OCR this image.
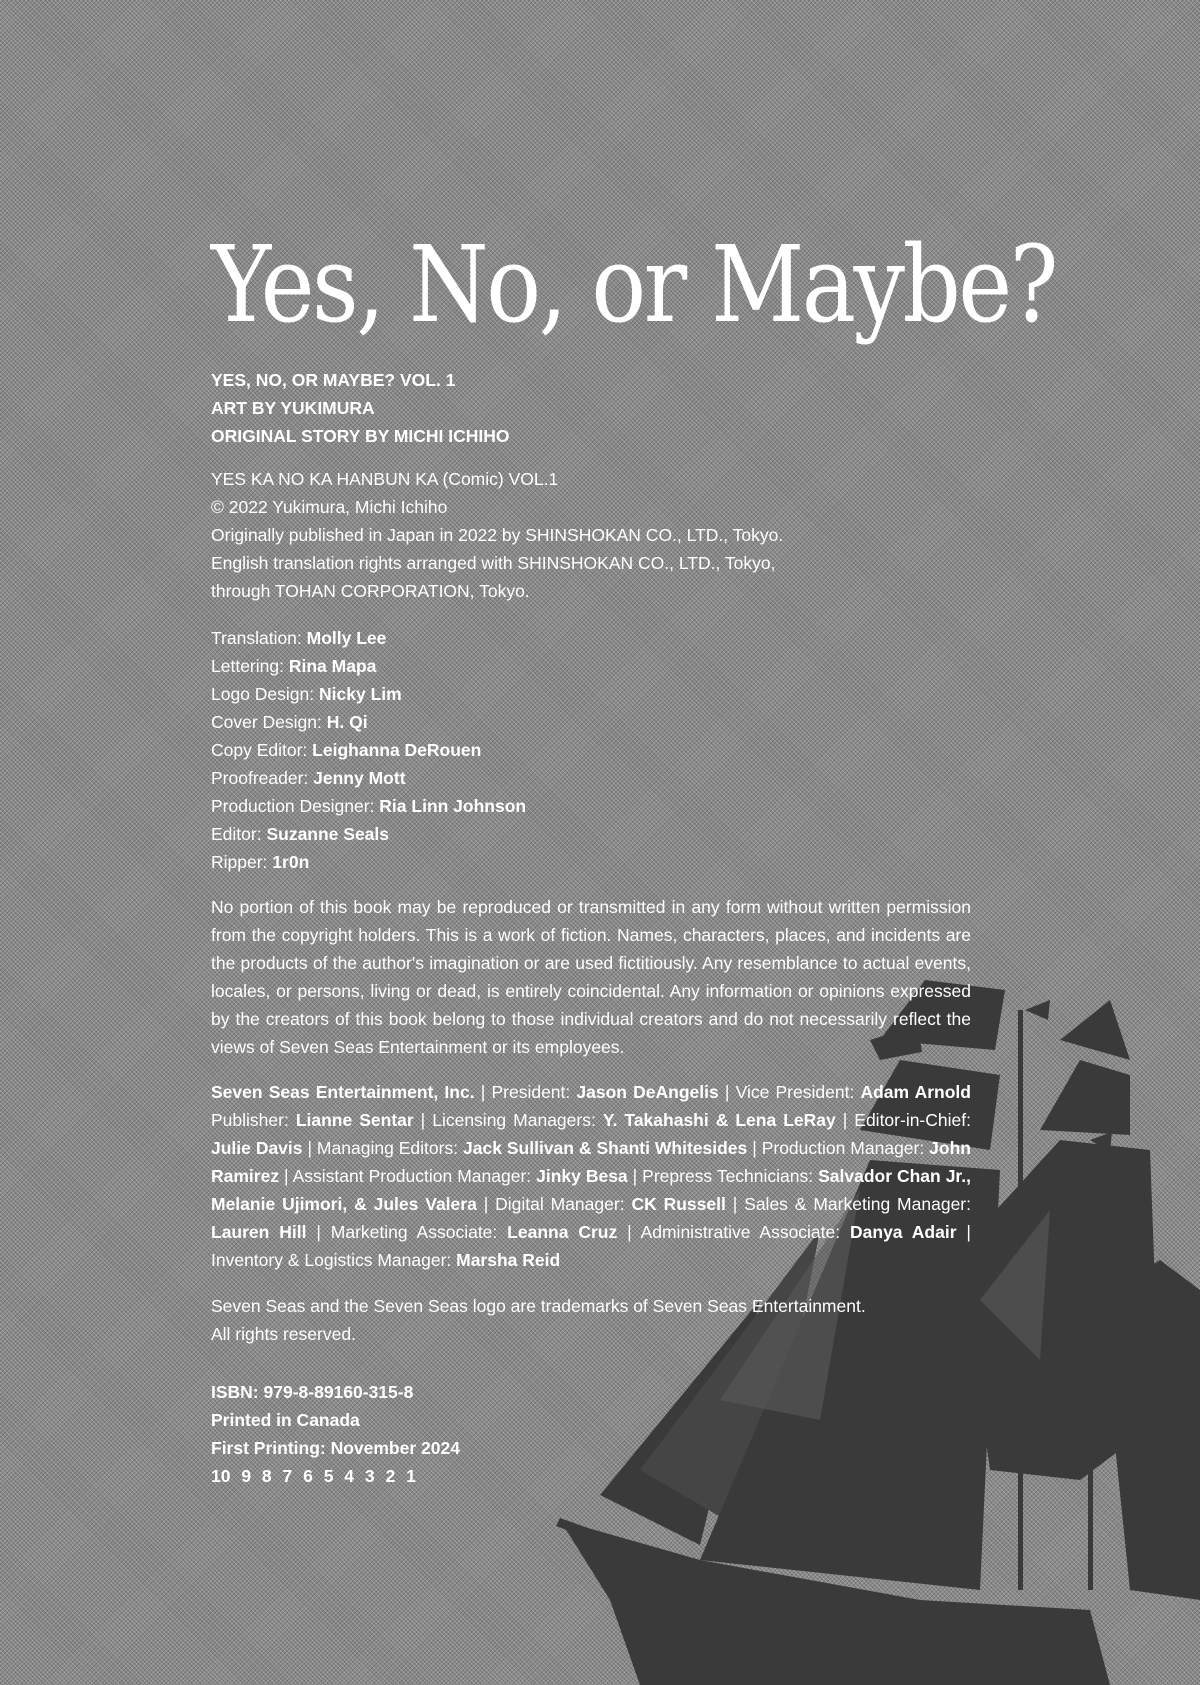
Yes, No, or Maybe?
YES, NO, OR MAYBE? VOL. 1
ART BY YUKIMURA
ORIGINAL STORY BY MICHI ICHIHO
YES KA NO KA HANBUN KA (Comic) VOL.1
© 2022 Yukimura, Michi Ichiho
Originally published in Japan in 2022 by SHINSHOKAN CO., LTD., Tokyo.
English translation rights arranged with SHINSHOKAN CO., LTD., Tokyo,
through TOHAN CORPORATION, Tokyo.
Translation: Molly Lee
Lettering: Rina Mapa
Logo Design: Nicky Lim
Cover Design: H. Qi
Copy Editor: Leighanna DeRouen
Proofreader: Jenny Mott
Production Designer: Ria Linn Johnson
Editor: Suzanne Seals
Ripper: 1r0n
No portion of this book may be reproduced or transmitted in any form without written permission from the copyright holders. This is a work of fiction. Names, characters, places, and incidents are the products of the author's imagination or are used fictitiously. Any resemblance to actual events, locales, or persons, living or dead, is entirely coincidental. Any information or opinions expressed by the creators of this book belong to those individual creators and do not necessarily reflect the views of Seven Seas Entertainment or its employees.
Seven Seas Entertainment, Inc. | President: Jason DeAngelis | Vice President: Adam Arnold Publisher: Lianne Sentar | Licensing Managers: Y. Takahashi & Lena LeRay | Editor-in-Chief: Julie Davis | Managing Editors: Jack Sullivan & Shanti Whitesides | Production Manager: John Ramirez | Assistant Production Manager: Jinky Besa | Prepress Technicians: Salvador Chan Jr., Melanie Ujimori, & Jules Valera | Digital Manager: CK Russell | Sales & Marketing Manager: Lauren Hill | Marketing Associate: Leanna Cruz | Administrative Associate: Danya Adair | Inventory & Logistics Manager: Marsha Reid
Seven Seas and the Seven Seas logo are trademarks of Seven Seas Entertainment.
All rights reserved.
ISBN: 979-8-89160-315-8
Printed in Canada
First Printing: November 2024
10 9 8 7 6 5 4 3 2 1
